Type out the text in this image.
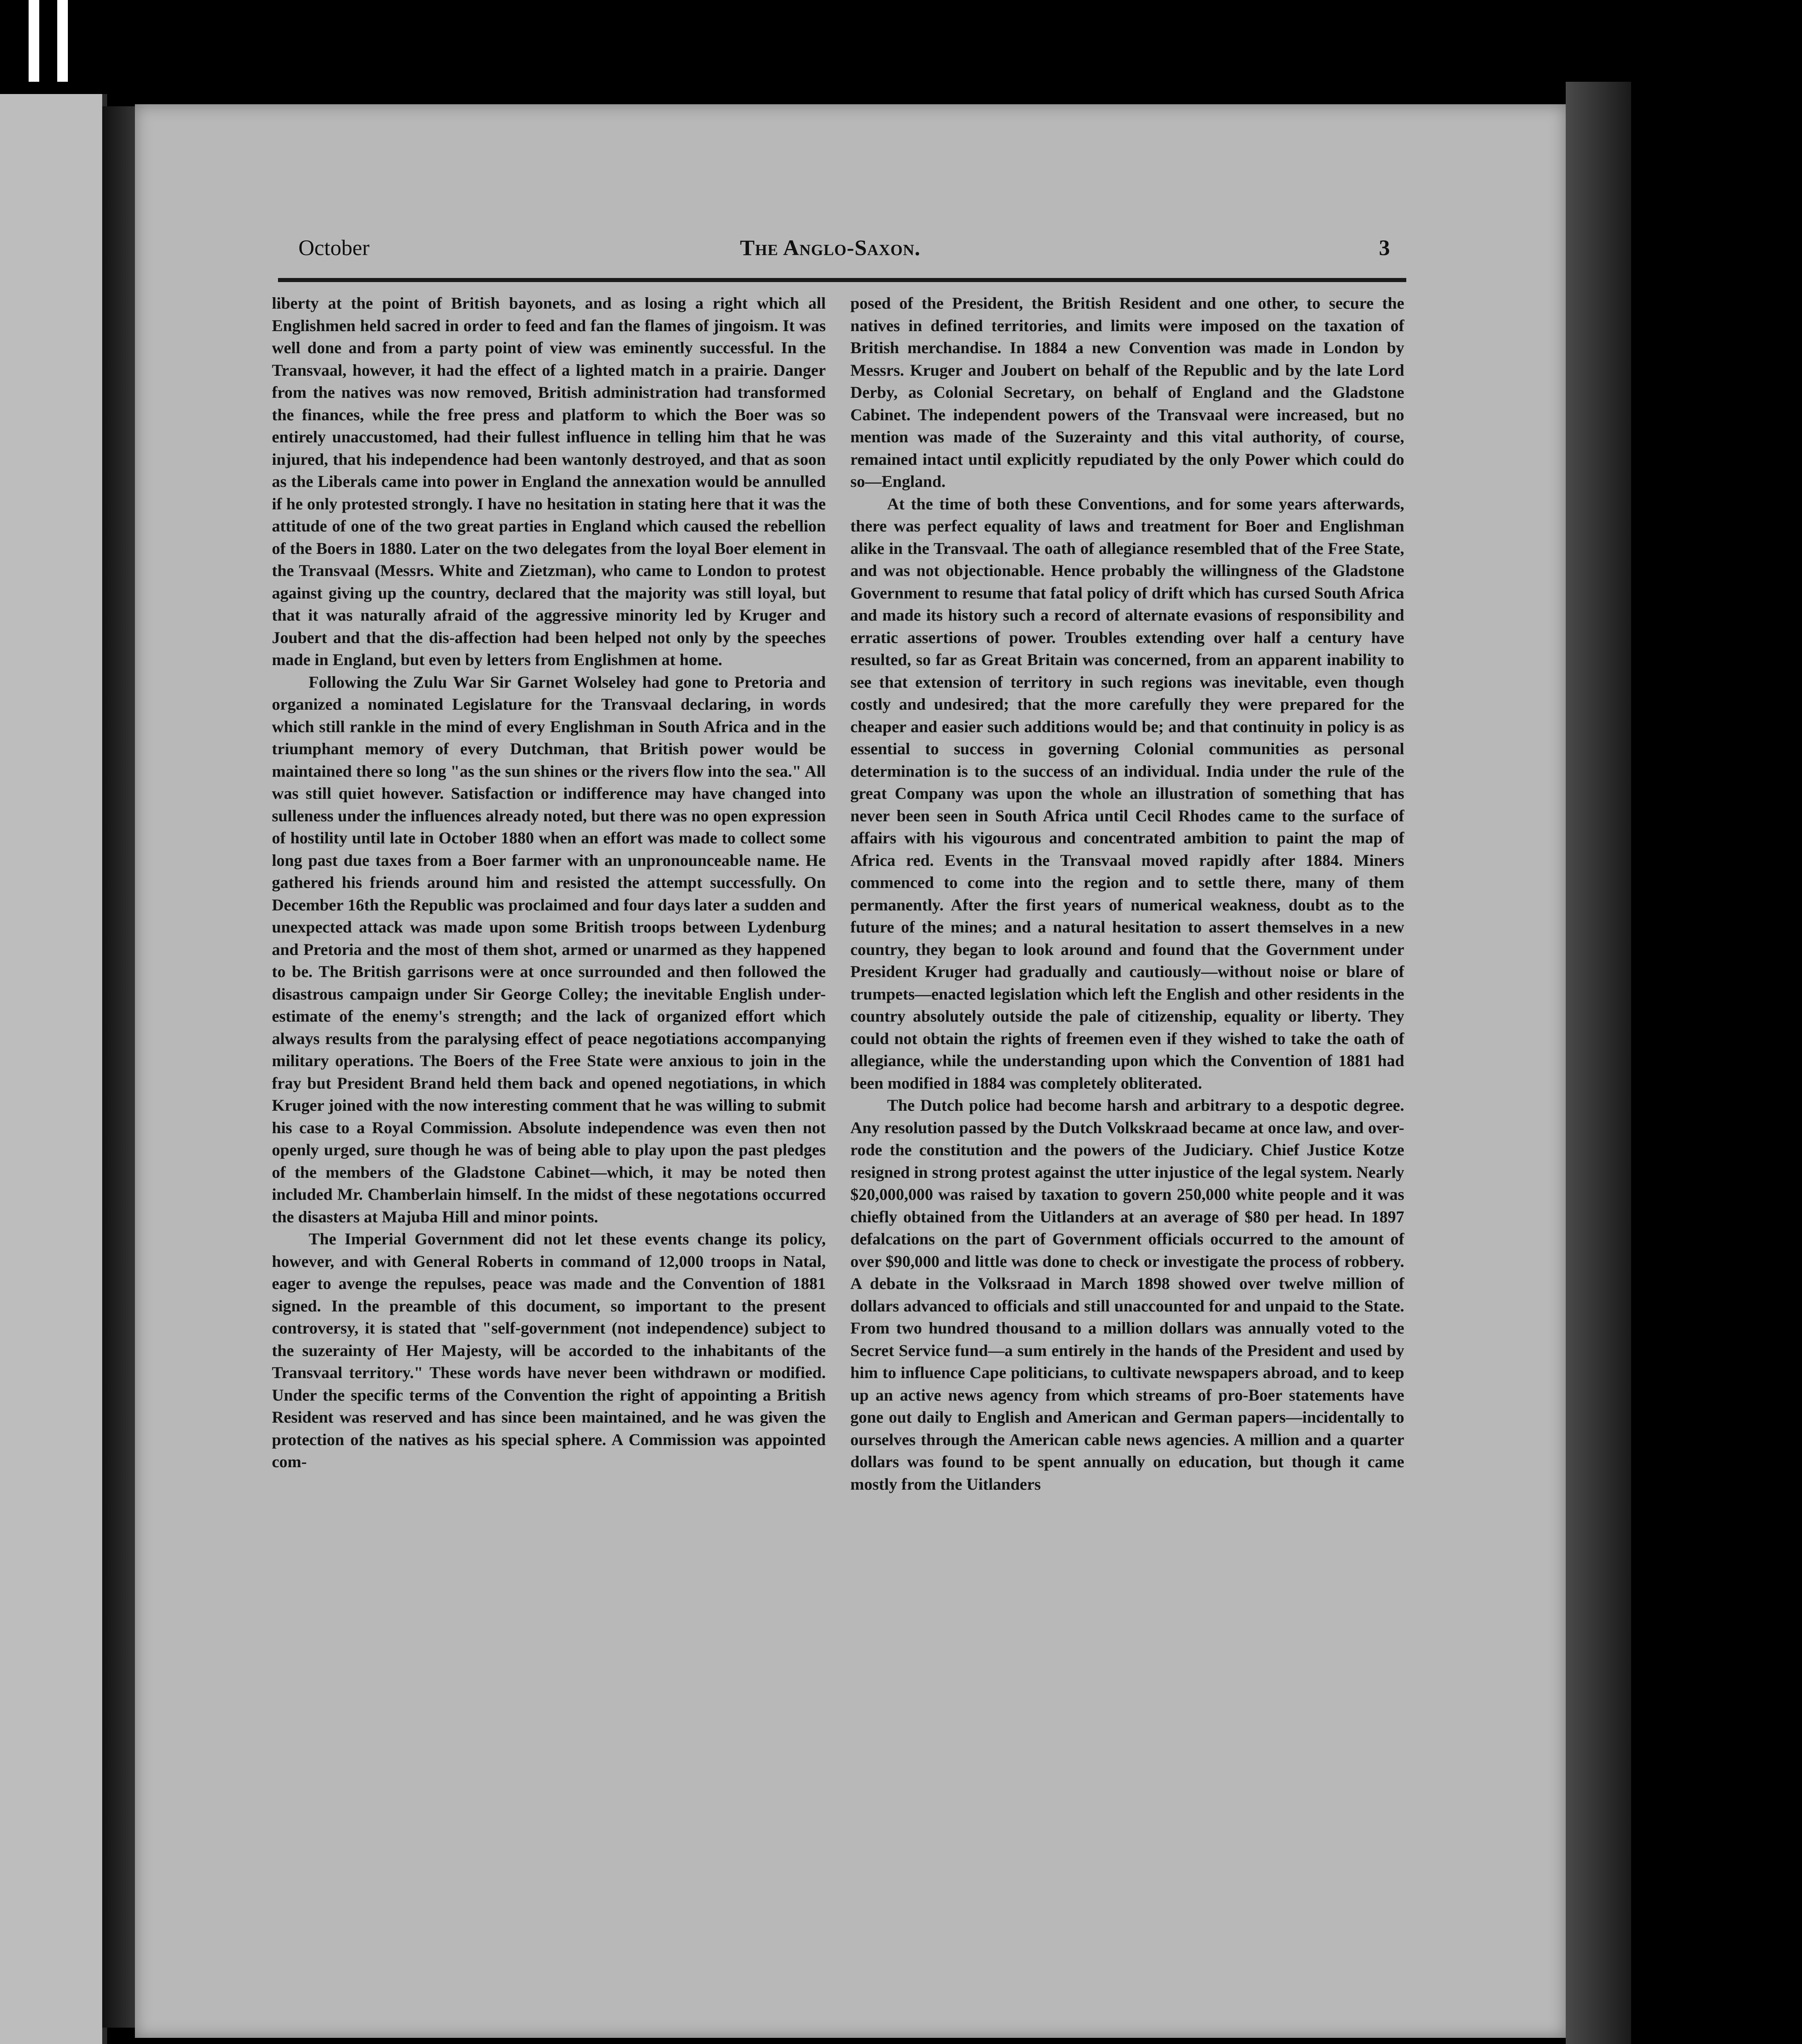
October	The Anglo-Saxon.	3

liberty at the point of British bayonets, and as losing a right which all Englishmen held sacred in order to feed and fan the flames of jingoism. It was well done and from a party point of view was eminently successful. In the Transvaal, however, it had the effect of a lighted match in a prairie. Danger from the natives was now removed, British administration had transformed the finances, while the free press and platform to which the Boer was so entirely unaccustomed, had their fullest influence in telling him that he was injured, that his independence had been wantonly destroyed, and that as soon as the Liberals came into power in England the annexation would be annulled if he only protested strongly. I have no hesitation in stating here that it was the attitude of one of the two great parties in England which caused the rebellion of the Boers in 1880. Later on the two delegates from the loyal Boer element in the Transvaal (Messrs. White and Zietzman), who came to London to protest against giving up the country, declared that the majority was still loyal, but that it was naturally afraid of the aggressive minority led by Kruger and Joubert and that the dis-affection had been helped not only by the speeches made in England, but even by letters from Englishmen at home.

Following the Zulu War Sir Garnet Wolseley had gone to Pretoria and organized a nominated Legislature for the Transvaal declaring, in words which still rankle in the mind of every Englishman in South Africa and in the triumphant memory of every Dutchman, that British power would be maintained there so long "as the sun shines or the rivers flow into the sea." All was still quiet however. Satisfaction or indifference may have changed into sulleness under the influences already noted, but there was no open expression of hostility until late in October 1880 when an effort was made to collect some long past due taxes from a Boer farmer with an unpronounceable name. He gathered his friends around him and resisted the attempt successfully. On December 16th the Republic was proclaimed and four days later a sudden and unexpected attack was made upon some British troops between Lydenburg and Pretoria and the most of them shot, armed or unarmed as they happened to be. The British garrisons were at once surrounded and then followed the disastrous campaign under Sir George Colley; the inevitable English under-estimate of the enemy's strength; and the lack of organized effort which always results from the paralysing effect of peace negotiations accompanying military operations. The Boers of the Free State were anxious to join in the fray but President Brand held them back and opened negotiations, in which Kruger joined with the now interesting comment that he was willing to submit his case to a Royal Commission. Absolute independence was even then not openly urged, sure though he was of being able to play upon the past pledges of the members of the Gladstone Cabinet—which, it may be noted then included Mr. Chamberlain himself. In the midst of these negotations occurred the disasters at Majuba Hill and minor points.

The Imperial Government did not let these events change its policy, however, and with General Roberts in command of 12,000 troops in Natal, eager to avenge the repulses, peace was made and the Convention of 1881 signed. In the preamble of this document, so important to the present controversy, it is stated that "self-government (not independence) subject to the suzerainty of Her Majesty, will be accorded to the inhabitants of the Transvaal territory." These words have never been withdrawn or modified. Under the specific terms of the Convention the right of appointing a British Resident was reserved and has since been maintained, and he was given the protection of the natives as his special sphere. A Commission was appointed com-

posed of the President, the British Resident and one other, to secure the natives in defined territories, and limits were imposed on the taxation of British merchandise. In 1884 a new Convention was made in London by Messrs. Kruger and Joubert on behalf of the Republic and by the late Lord Derby, as Colonial Secretary, on behalf of England and the Gladstone Cabinet. The independent powers of the Transvaal were increased, but no mention was made of the Suzerainty and this vital authority, of course, remained intact until explicitly repudiated by the only Power which could do so—England.

At the time of both these Conventions, and for some years afterwards, there was perfect equality of laws and treatment for Boer and Englishman alike in the Transvaal. The oath of allegiance resembled that of the Free State, and was not objectionable. Hence probably the willingness of the Gladstone Government to resume that fatal policy of drift which has cursed South Africa and made its history such a record of alternate evasions of responsibility and erratic assertions of power. Troubles extending over half a century have resulted, so far as Great Britain was concerned, from an apparent inability to see that extension of territory in such regions was inevitable, even though costly and undesired; that the more carefully they were prepared for the cheaper and easier such additions would be; and that continuity in policy is as essential to success in governing Colonial communities as personal determination is to the success of an individual. India under the rule of the great Company was upon the whole an illustration of something that has never been seen in South Africa until Cecil Rhodes came to the surface of affairs with his vigourous and concentrated ambition to paint the map of Africa red. Events in the Transvaal moved rapidly after 1884. Miners commenced to come into the region and to settle there, many of them permanently. After the first years of numerical weakness, doubt as to the future of the mines; and a natural hesitation to assert themselves in a new country, they began to look around and found that the Government under President Kruger had gradually and cautiously—without noise or blare of trumpets—enacted legislation which left the English and other residents in the country absolutely outside the pale of citizenship, equality or liberty. They could not obtain the rights of freemen even if they wished to take the oath of allegiance, while the understanding upon which the Convention of 1881 had been modified in 1884 was completely obliterated.

The Dutch police had become harsh and arbitrary to a despotic degree. Any resolution passed by the Dutch Volkskraad became at once law, and over-rode the constitution and the powers of the Judiciary. Chief Justice Kotze resigned in strong protest against the utter injustice of the legal system. Nearly $20,000,000 was raised by taxation to govern 250,000 white people and it was chiefly obtained from the Uitlanders at an average of $80 per head. In 1897 defalcations on the part of Government officials occurred to the amount of over $90,000 and little was done to check or investigate the process of robbery. A debate in the Volksraad in March 1898 showed over twelve million of dollars advanced to officials and still unaccounted for and unpaid to the State. From two hundred thousand to a million dollars was annually voted to the Secret Service fund—a sum entirely in the hands of the President and used by him to influence Cape politicians, to cultivate newspapers abroad, and to keep up an active news agency from which streams of pro-Boer statements have gone out daily to English and American and German papers—incidentally to ourselves through the American cable news agencies. A million and a quarter dollars was found to be spent annually on education, but though it came mostly from the Uitlanders
